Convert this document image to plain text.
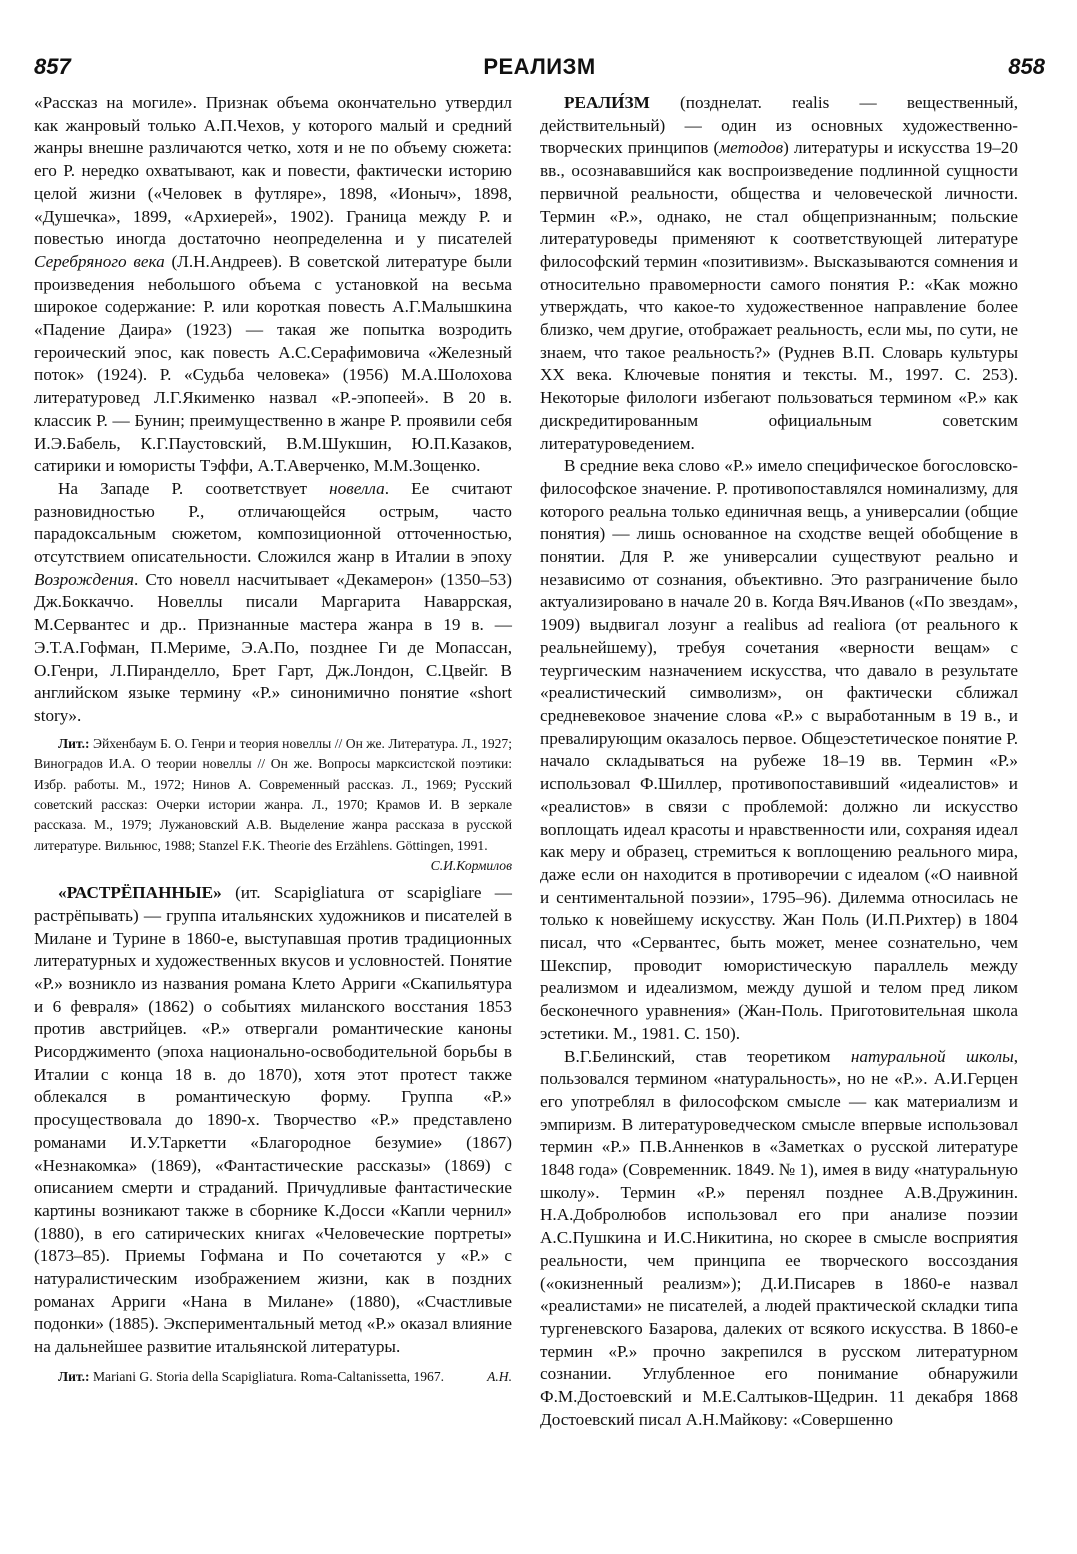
857	РЕАЛИЗМ	858

«Рассказ на могиле». Признак объема окончательно утвердил как жанровый только А.П.Чехов, у которого малый и средний жанры внешне различаются четко, хотя и не по объему сюжета: его Р. нередко охватывают, как и повести, фактически историю целой жизни («Человек в футляре», 1898, «Ионыч», 1898, «Душечка», 1899, «Архиерей», 1902). Граница между Р. и повестью иногда достаточно неопределенна и у писателей Серебряного века (Л.Н.Андреев). В советской литературе были произведения небольшого объема с установкой на весьма широкое содержание: Р. или короткая повесть А.Г.Малышкина «Падение Даира» (1923) — такая же попытка возродить героический эпос, как повесть А.С.Серафимовича «Железный поток» (1924). Р. «Судьба человека» (1956) М.А.Шолохова литературовед Л.Г.Якименко назвал «Р.-эпопеей». В 20 в. классик Р. — Бунин; преимущественно в жанре Р. проявили себя И.Э.Бабель, К.Г.Паустовский, В.М.Шукшин, Ю.П.Казаков, сатирики и юмористы Тэффи, А.Т.Аверченко, М.М.Зощенко.

На Западе Р. соответствует новелла. Ее считают разновидностью Р., отличающейся острым, часто парадоксальным сюжетом, композиционной отточенностью, отсутствием описательности. Сложился жанр в Италии в эпоху Возрождения. Сто новелл насчитывает «Декамерон» (1350–53) Дж.Боккаччо. Новеллы писали Маргарита Наваррская, М.Сервантес и др.. Признанные мастера жанра в 19 в. — Э.Т.А.Гофман, П.Мериме, Э.А.По, позднее Ги де Мопассан, О.Генри, Л.Пиранделло, Брет Гарт, Дж.Лондон, С.Цвейг. В английском языке термину «Р.» синонимично понятие «short story».

Лит.: Эйхенбаум Б. О. Генри и теория новеллы // Он же. Литература. Л., 1927; Виноградов И.А. О теории новеллы // Он же. Вопросы марксистской поэтики: Избр. работы. М., 1972; Нинов А. Современный рассказ. Л., 1969; Русский советский рассказ: Очерки истории жанра. Л., 1970; Крамов И. В зеркале рассказа. М., 1979; Лужановский А.В. Выделение жанра рассказа в русской литературе. Вильнюс, 1988; Stanzel F.K. Theorie des Erzählens. Göttingen, 1991.
С.И.Кормилов

«РАСТРЁПАННЫЕ» (ит. Scapigliatura от scapigliare — растрёпывать) — группа итальянских художников и писателей в Милане и Турине в 1860-е, выступавшая против традиционных литературных и художественных вкусов и условностей. Понятие «Р.» возникло из названия романа Клето Арриги «Скапильятура и 6 февраля» (1862) о событиях миланского восстания 1853 против австрийцев. «Р.» отвергали романтические каноны Рисорджименто (эпоха национально-освободительной борьбы в Италии с конца 18 в. до 1870), хотя этот протест также облекался в романтическую форму. Группа «Р.» просуществовала до 1890-х. Творчество «Р.» представлено романами И.У.Таркетти «Благородное безумие» (1867) «Незнакомка» (1869), «Фантастические рассказы» (1869) с описанием смерти и страданий. Причудливые фантастические картины возникают также в сборнике К.Досси «Капли чернил» (1880), в его сатирических книгах «Человеческие портреты» (1873–85). Приемы Гофмана и По сочетаются у «Р.» с натуралистическим изображением жизни, как в поздних романах Арриги «Нана в Милане» (1880), «Счастливые подонки» (1885). Экспериментальный метод «Р.» оказал влияние на дальнейшее развитие итальянской литературы.

Лит.: Mariani G. Storia della Scapigliatura. Roma-Caltanissetta, 1967.	А.Н.

РЕАЛИ́ЗМ (позднелат. realis — вещественный, действительный) — один из основных художественно-творческих принципов (методов) литературы и искусства 19–20 вв., осознававшийся как воспроизведение подлинной сущности первичной реальности, общества и человеческой личности. Термин «Р.», однако, не стал общепризнанным; польские литературоведы применяют к соответствующей литературе философский термин «позитивизм». Высказываются сомнения и относительно правомерности самого понятия Р.: «Как можно утверждать, что какое-то художественное направление более близко, чем другие, отображает реальность, если мы, по сути, не знаем, что такое реальность?» (Руднев В.П. Словарь культуры XX века. Ключевые понятия и тексты. М., 1997. С. 253). Некоторые филологи избегают пользоваться термином «Р.» как дискредитированным официальным советским литературоведением.

В средние века слово «Р.» имело специфическое богословско-философское значение. Р. противопоставлялся номинализму, для которого реальна только единичная вещь, а универсалии (общие понятия) — лишь основанное на сходстве вещей обобщение в понятии. Для Р. же универсалии существуют реально и независимо от сознания, объективно. Это разграничение было актуализировано в начале 20 в. Когда Вяч.Иванов («По звездам», 1909) выдвигал лозунг a realibus ad realiora (от реального к реальнейшему), требуя сочетания «верности вещам» с теургическим назначением искусства, что давало в результате «реалистический символизм», он фактически сближал средневековое значение слова «Р.» с выработанным в 19 в., и превалирующим оказалось первое. Общеэстетическое понятие Р. начало складываться на рубеже 18–19 вв. Термин «Р.» использовал Ф.Шиллер, противопоставивший «идеалистов» и «реалистов» в связи с проблемой: должно ли искусство воплощать идеал красоты и нравственности или, сохраняя идеал как меру и образец, стремиться к воплощению реального мира, даже если он находится в противоречии с идеалом («О наивной и сентиментальной поэзии», 1795–96). Дилемма относилась не только к новейшему искусству. Жан Поль (И.П.Рихтер) в 1804 писал, что «Сервантес, быть может, менее сознательно, чем Шекспир, проводит юмористическую параллель между реализмом и идеализмом, между душой и телом пред ликом бесконечного уравнения» (Жан-Поль. Приготовительная школа эстетики. М., 1981. С. 150).

В.Г.Белинский, став теоретиком натуральной школы, пользовался термином «натуральность», но не «Р.». А.И.Герцен его употреблял в философском смысле — как материализм и эмпиризм. В литературоведческом смысле впервые использовал термин «Р.» П.В.Анненков в «Заметках о русской литературе 1848 года» (Современник. 1849. № 1), имея в виду «натуральную школу». Термин «Р.» перенял позднее А.В.Дружинин. Н.А.Добролюбов использовал его при анализе поэзии А.С.Пушкина и И.С.Никитина, но скорее в смысле восприятия реальности, чем принципа ее творческого воссоздания («окизненный реализм»); Д.И.Писарев в 1860-е назвал «реалистами» не писателей, а людей практической складки типа тургеневского Базарова, далеких от всякого искусства. В 1860-е термин «Р.» прочно закрепился в русском литературном сознании. Углубленное его понимание обнаружили Ф.М.Достоевский и М.Е.Салтыков-Щедрин. 11 декабря 1868 Достоевский писал А.Н.Майкову: «Совершенно
